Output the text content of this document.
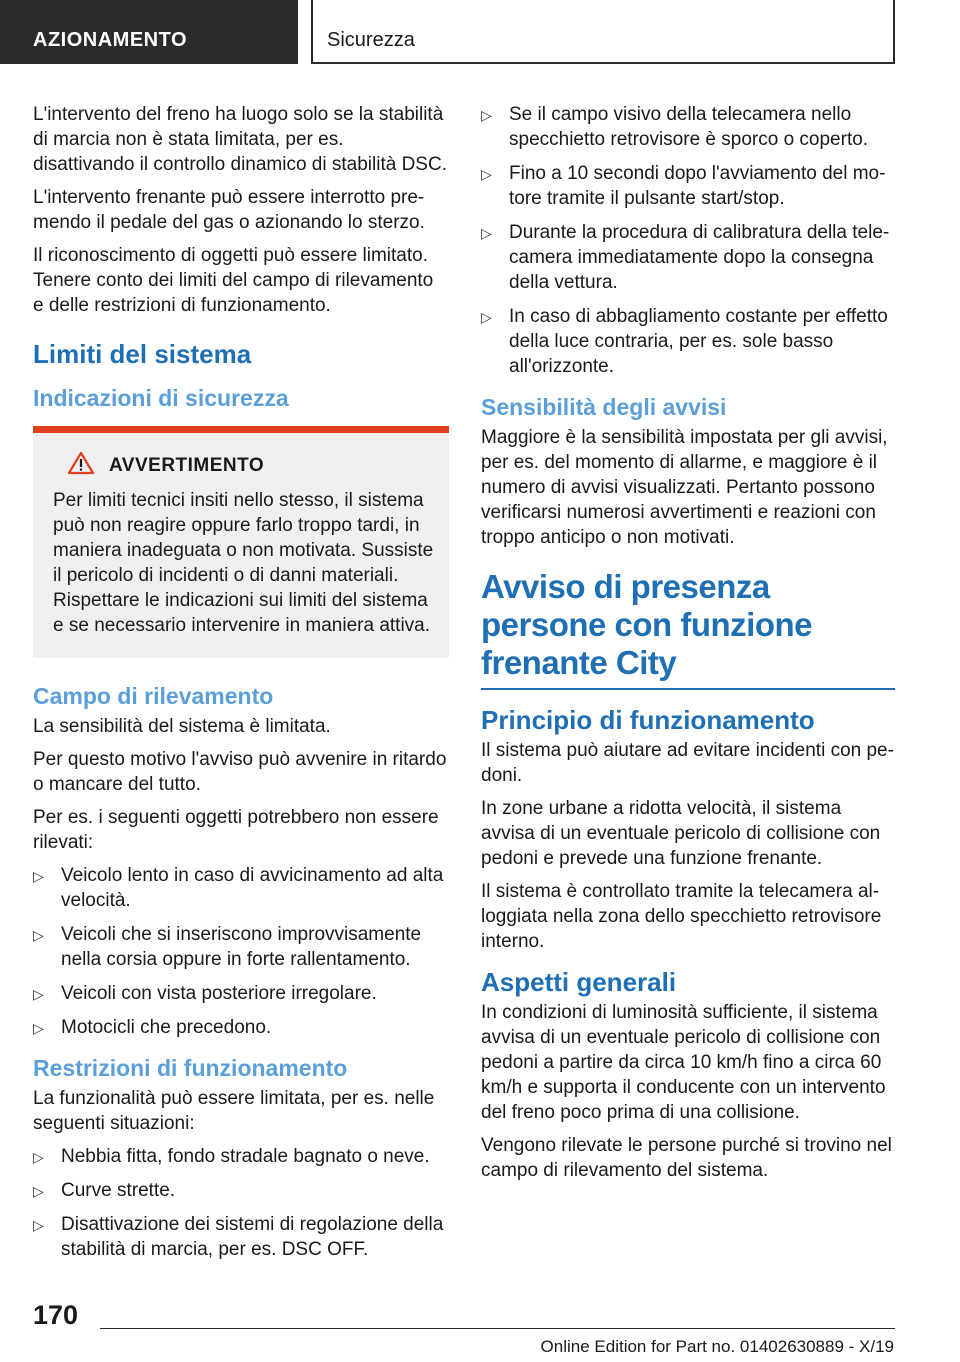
AZIONAMENTO	Sicurezza

L'intervento del freno ha luogo solo se la stabilità di marcia non è stata limitata, per es. disattivando il controllo dinamico di stabilità DSC.

L'intervento frenante può essere interrotto premendo il pedale del gas o azionando lo sterzo.

Il riconoscimento di oggetti può essere limitato. Tenere conto dei limiti del campo di rilevamento e delle restrizioni di funzionamento.

Limiti del sistema
Indicazioni di sicurezza
AVVERTIMENTO

Per limiti tecnici insiti nello stesso, il sistema può non reagire oppure farlo troppo tardi, in maniera inadeguata o non motivata. Sussiste il pericolo di incidenti o di danni materiali. Rispettare le indicazioni sui limiti del sistema e se necessario intervenire in maniera attiva.

Campo di rilevamento

La sensibilità del sistema è limitata.

Per questo motivo l'avviso può avvenire in ritardo o mancare del tutto.

Per es. i seguenti oggetti potrebbero non essere rilevati:

▷ Veicolo lento in caso di avvicinamento ad alta velocità.
▷ Veicoli che si inseriscono improvvisamente nella corsia oppure in forte rallentamento.
▷ Veicoli con vista posteriore irregolare.
▷ Motocicli che precedono.
Restrizioni di funzionamento

La funzionalità può essere limitata, per es. nelle seguenti situazioni:

▷ Nebbia fitta, fondo stradale bagnato o neve.
▷ Curve strette.
▷ Disattivazione dei sistemi di regolazione della stabilità di marcia, per es. DSC OFF.
▷ Se il campo visivo della telecamera nello specchietto retrovisore è sporco o coperto.
▷ Fino a 10 secondi dopo l'avviamento del motore tramite il pulsante start/stop.
▷ Durante la procedura di calibratura della telecamera immediatamente dopo la consegna della vettura.
▷ In caso di abbagliamento costante per effetto della luce contraria, per es. sole basso all'orizzonte.
Sensibilità degli avvisi

Maggiore è la sensibilità impostata per gli avvisi, per es. del momento di allarme, e maggiore è il numero di avvisi visualizzati. Pertanto possono verificarsi numerosi avvertimenti e reazioni con troppo anticipo o non motivati.

Avviso di presenza persone con funzione frenante City
Principio di funzionamento

Il sistema può aiutare ad evitare incidenti con pedoni.

In zone urbane a ridotta velocità, il sistema avvisa di un eventuale pericolo di collisione con pedoni e prevede una funzione frenante.

Il sistema è controllato tramite la telecamera alloggiata nella zona dello specchietto retrovisore interno.

Aspetti generali

In condizioni di luminosità sufficiente, il sistema avvisa di un eventuale pericolo di collisione con pedoni a partire da circa 10 km/h fino a circa 60 km/h e supporta il conducente con un intervento del freno poco prima di una collisione.

Vengono rilevate le persone purché si trovino nel campo di rilevamento del sistema.

170
Online Edition for Part no. 01402630889 - X/19
